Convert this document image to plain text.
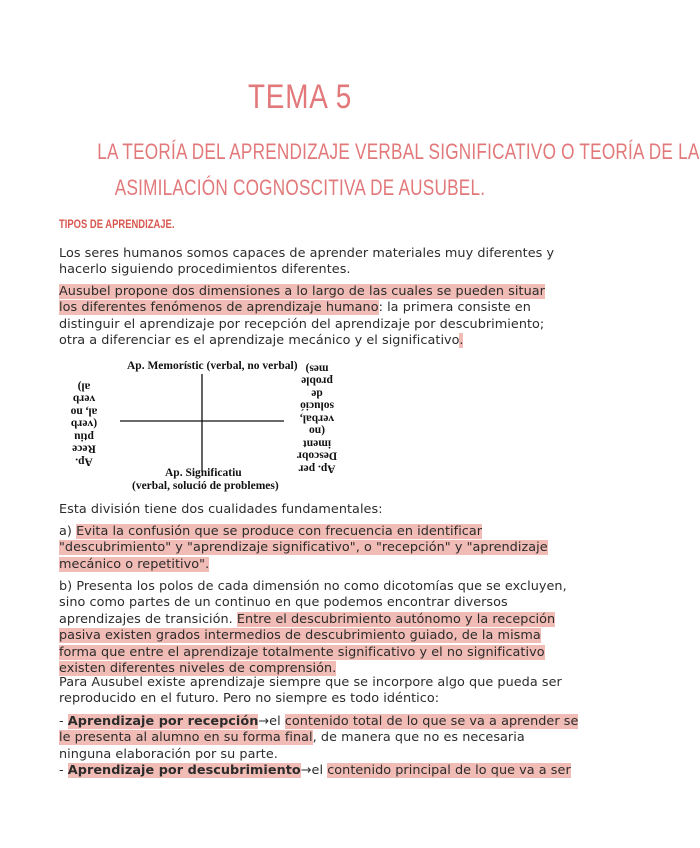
TEMA 5
LA TEORÍA DEL APRENDIZAJE VERBAL SIGNIFICATIVO O TEORÍA DE LA
ASIMILACIÓN COGNOSCITIVA DE AUSUBEL.
TIPOS DE APRENDIZAJE.
Los seres humanos somos capaces de aprender materiales muy diferentes y
hacerlo siguiendo procedimientos diferentes.
Ausubel propone dos dimensiones a lo largo de las cuales se pueden situar
los diferentes fenómenos de aprendizaje humano: la primera consiste en
distinguir el aprendizaje por recepción del aprendizaje por descubrimiento;
otra a diferenciar es el aprendizaje mecánico y el significativo.
Ap. Memorístic (verbal, no verbal)
Ap. Significatiu
(verbal, solució de problemes)
Ap.
Rece
ptiu
(verb
al, no
verb
al)
Ap. per
Descobr
iment
(no
verbal,
solució
de
proble
mes)
Esta división tiene dos cualidades fundamentales:
a) Evita la confusión que se produce con frecuencia en identificar
"descubrimiento" y "aprendizaje significativo", o "recepción" y "aprendizaje
mecánico o repetitivo".
b) Presenta los polos de cada dimensión no como dicotomías que se excluyen,
sino como partes de un continuo en que podemos encontrar diversos
aprendizajes de transición. Entre el descubrimiento autónomo y la recepción
pasiva existen grados intermedios de descubrimiento guiado, de la misma
forma que entre el aprendizaje totalmente significativo y el no significativo
existen diferentes niveles de comprensión.
Para Ausubel existe aprendizaje siempre que se incorpore algo que pueda ser
reproducido en el futuro. Pero no siempre es todo idéntico:
- Aprendizaje por recepción→el contenido total de lo que se va a aprender se
le presenta al alumno en su forma final, de manera que no es necesaria
ninguna elaboración por su parte.
- Aprendizaje por descubrimiento→el contenido principal de lo que va a ser
